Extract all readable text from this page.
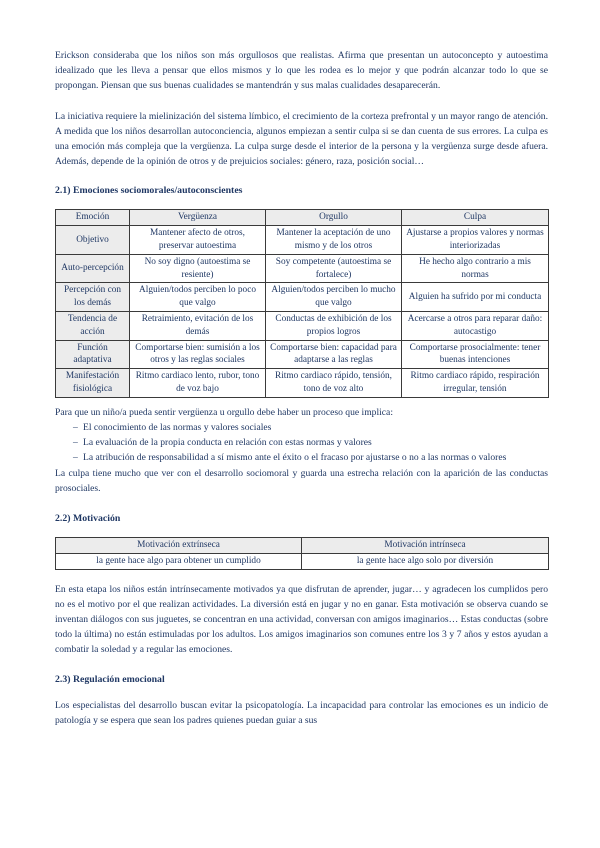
Erickson consideraba que los niños son más orgullosos que realistas. Afirma que presentan un autoconcepto y autoestima idealizado que les lleva a pensar que ellos mismos y lo que les rodea es lo mejor y que podrán alcanzar todo lo que se propongan. Piensan que sus buenas cualidades se mantendrán y sus malas cualidades desaparecerán.

La iniciativa requiere la mielinización del sistema límbico, el crecimiento de la corteza prefrontal y un mayor rango de atención. A medida que los niños desarrollan autoconciencia, algunos empiezan a sentir culpa si se dan cuenta de sus errores. La culpa es una emoción más compleja que la vergüenza. La culpa surge desde el interior de la persona y la vergüenza surge desde afuera. Además, depende de la opinión de otros y de prejuicios sociales: género, raza, posición social…

2.1) Emociones sociomorales/autoconscientes
Emoción	Vergüenza	Orgullo	Culpa
Objetivo	Mantener afecto de otros, preservar autoestima	Mantener la aceptación de uno mismo y de los otros	Ajustarse a propios valores y normas interiorizadas
Auto-percepción	No soy digno (autoestima se resiente)	Soy competente (autoestima se fortalece)	He hecho algo contrario a mis normas
Percepción con los demás	Alguien/todos perciben lo poco que valgo	Alguien/todos perciben lo mucho que valgo	Alguien ha sufrido por mi conducta
Tendencia de acción	Retraimiento, evitación de los demás	Conductas de exhibición de los propios logros	Acercarse a otros para reparar daño: autocastigo
Función adaptativa	Comportarse bien: sumisión a los otros y las reglas sociales	Comportarse bien: capacidad para adaptarse a las reglas	Comportarse prosocialmente: tener buenas intenciones
Manifestación fisiológica	Ritmo cardiaco lento, rubor, tono de voz bajo	Ritmo cardiaco rápido, tensión, tono de voz alto	Ritmo cardiaco rápido, respiración irregular, tensión
Para que un niño/a pueda sentir vergüenza u orgullo debe haber un proceso que implica:
– El conocimiento de las normas y valores sociales
– La evaluación de la propia conducta en relación con estas normas y valores
– La atribución de responsabilidad a sí mismo ante el éxito o el fracaso por ajustarse o no a las normas o valores
La culpa tiene mucho que ver con el desarrollo sociomoral y guarda una estrecha relación con la aparición de las conductas prosociales.
2.2) Motivación
Motivación extrínseca	Motivación intrínseca
la gente hace algo para obtener un cumplido	la gente hace algo solo por diversión

En esta etapa los niños están intrínsecamente motivados ya que disfrutan de aprender, jugar… y agradecen los cumplidos pero no es el motivo por el que realizan actividades. La diversión está en jugar y no en ganar. Esta motivación se observa cuando se inventan diálogos con sus juguetes, se concentran en una actividad, conversan con amigos imaginarios… Estas conductas (sobre todo la última) no están estimuladas por los adultos. Los amigos imaginarios son comunes entre los 3 y 7 años y estos ayudan a combatir la soledad y a regular las emociones.

2.3) Regulación emocional

Los especialistas del desarrollo buscan evitar la psicopatología. La incapacidad para controlar las emociones es un indicio de patología y se espera que sean los padres quienes puedan guiar a sus
